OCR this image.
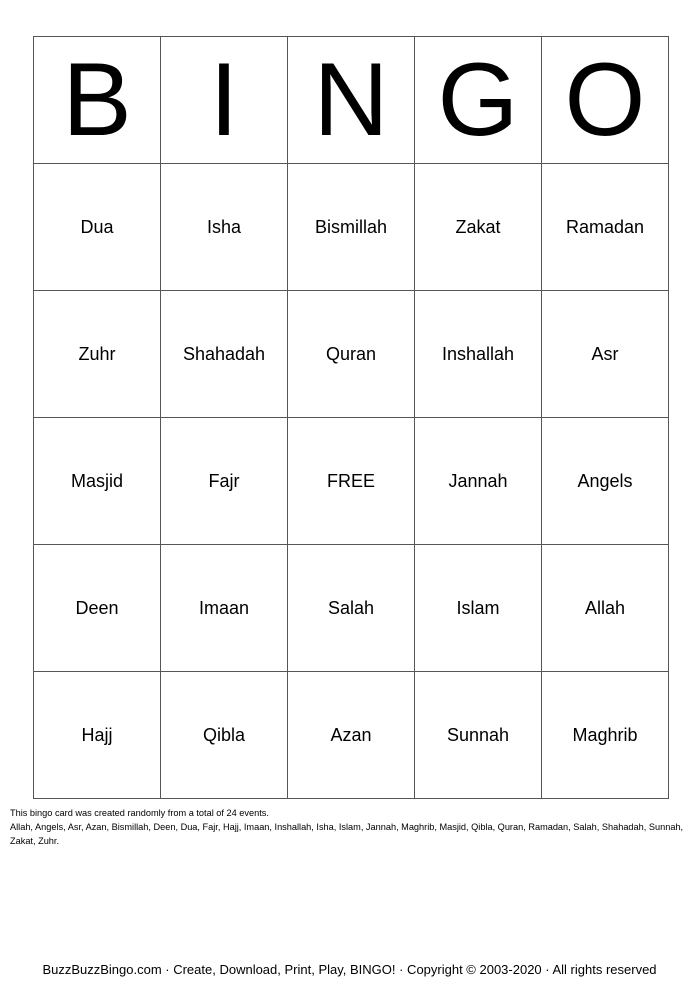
B	I	N	G	O
Dua	Isha	Bismillah	Zakat	Ramadan
Zuhr	Shahadah	Quran	Inshallah	Asr
Masjid	Fajr	FREE	Jannah	Angels
Deen	Imaan	Salah	Islam	Allah
Hajj	Qibla	Azan	Sunnah	Maghrib
This bingo card was created randomly from a total of 24 events.
Allah, Angels, Asr, Azan, Bismillah, Deen, Dua, Fajr, Hajj, Imaan, Inshallah, Isha, Islam, Jannah, Maghrib, Masjid, Qibla, Quran, Ramadan, Salah, Shahadah, Sunnah, Zakat, Zuhr.
BuzzBuzzBingo.com · Create, Download, Print, Play, BINGO! · Copyright © 2003-2020 · All rights reserved
